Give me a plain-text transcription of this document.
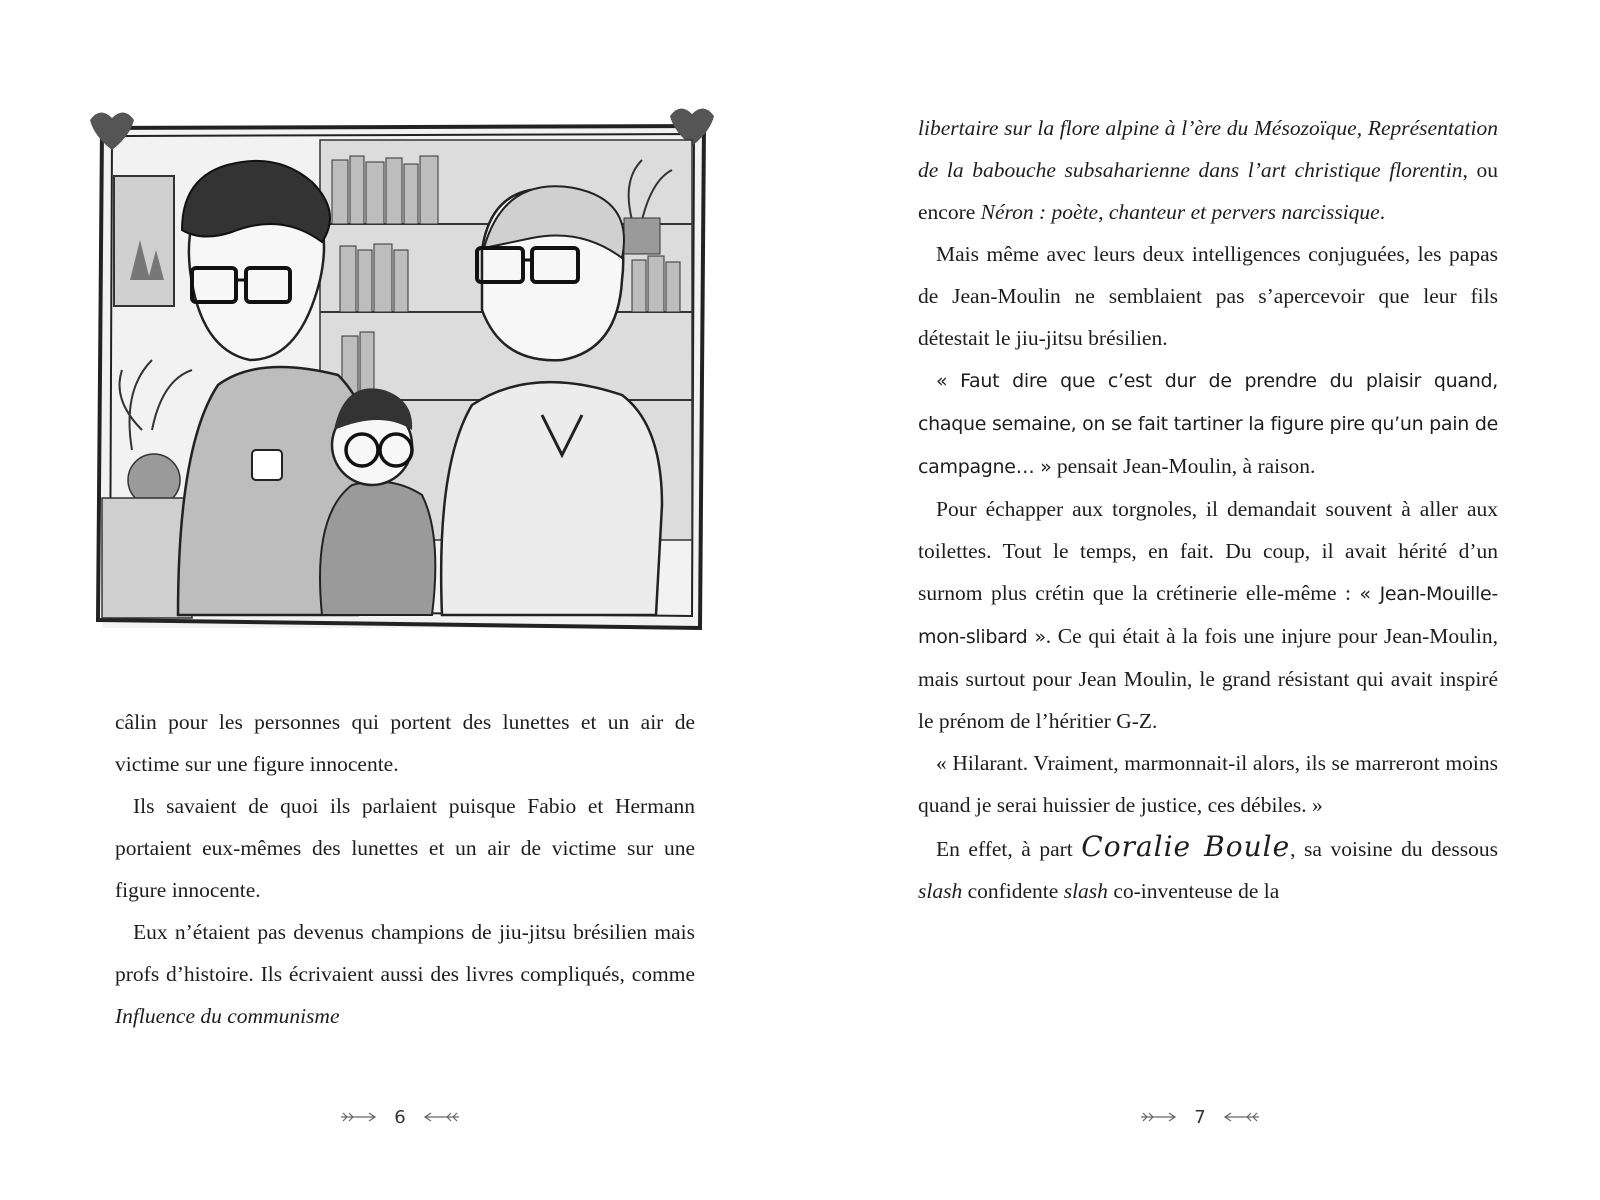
câlin pour les personnes qui portent des lunettes et un air de victime sur une figure innocente.

Ils savaient de quoi ils parlaient puisque Fabio et Hermann portaient eux-mêmes des lunettes et un air de victime sur une figure innocente.

Eux n’étaient pas devenus champions de jiu-jitsu brésilien mais profs d’histoire. Ils écrivaient aussi des livres compliqués, comme Influence du communisme

6

libertaire sur la flore alpine à l’ère du Mésozoïque, Représentation de la babouche subsaharienne dans l’art christique florentin, ou encore Néron : poète, chanteur et pervers narcissique.

Mais même avec leurs deux intelligences conjuguées, les papas de Jean-Moulin ne semblaient pas s’apercevoir que leur fils détestait le jiu-jitsu brésilien.

« Faut dire que c’est dur de prendre du plaisir quand, chaque semaine, on se fait tartiner la figure pire qu’un pain de campagne… » pensait Jean-Moulin, à raison.

Pour échapper aux torgnoles, il demandait souvent à aller aux toilettes. Tout le temps, en fait. Du coup, il avait hérité d’un surnom plus crétin que la crétinerie elle-même : « Jean-Mouille-mon-slibard ». Ce qui était à la fois une injure pour Jean-Moulin, mais surtout pour Jean Moulin, le grand résistant qui avait inspiré le prénom de l’héritier G-Z.

« Hilarant. Vraiment, marmonnait-il alors, ils se marreront moins quand je serai huissier de justice, ces débiles. »

En effet, à part Coralie Boule, sa voisine du dessous slash confidente slash co-inventeuse de la

7
